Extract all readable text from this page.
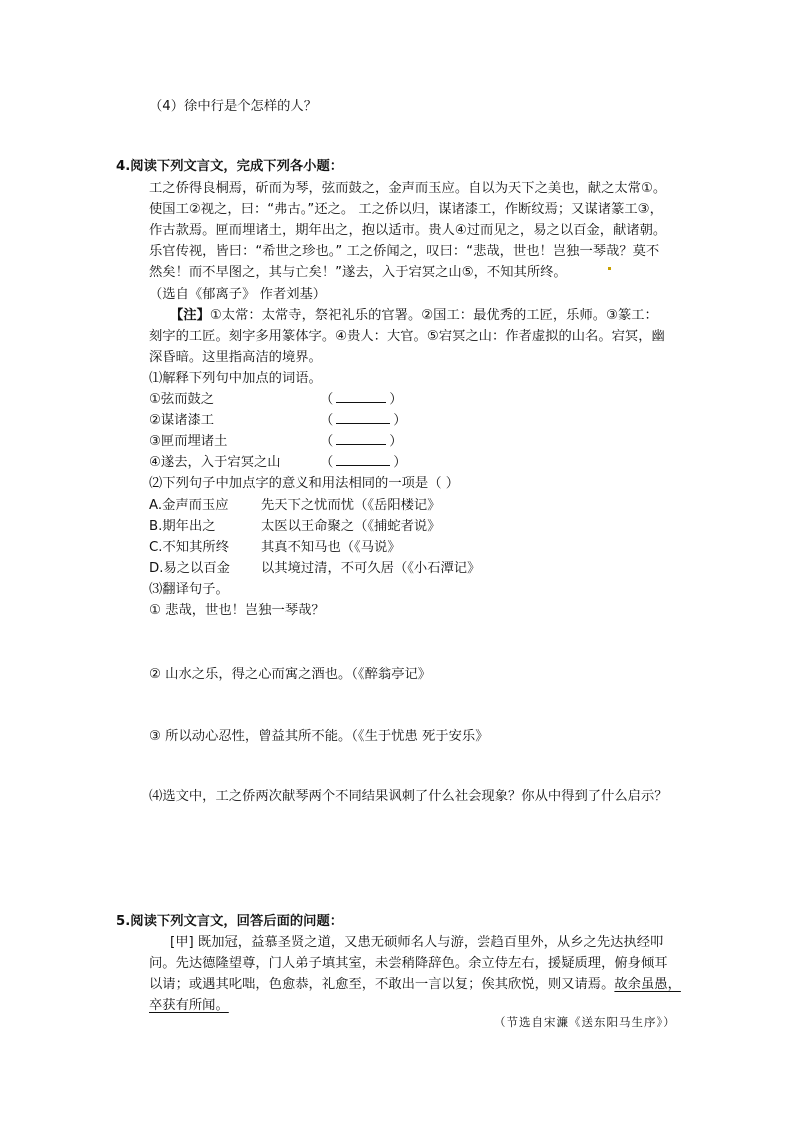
（4）徐中行是个怎样的人？
4.阅读下列文言文，完成下列各小题：
工之侨得良桐焉，斫而为琴，弦而鼓之，金声而玉应。自以为天下之美也，献之太常①。
使国工②视之，曰：“弗古。”还之。 工之侨以归，谋诸漆工，作断纹焉；又谋诸篆工③，
作古款焉。匣而埋诸土，期年出之，抱以适市。贵人④过而见之，易之以百金，献诸朝。
乐官传视，皆曰：“希世之珍也。” 工之侨闻之，叹曰：“悲哉，世也！岂独一琴哉？莫不
然矣！而不早图之，其与亡矣！”遂去，入于宕冥之山⑤，不知其所终。
（选自《郁离子》 作者刘基）
【注】①太常：太常寺，祭祀礼乐的官署。②国工：最优秀的工匠，乐师。③篆工：
刻字的工匠。刻字多用篆体字。④贵人：大官。⑤宕冥之山：作者虚拟的山名。宕冥，幽
深昏暗。这里指高洁的境界。
⑴解释下列句中加点的词语。
①弦而鼓之	（	）
②谋诸漆工	（	）
③匣而埋诸土	（	）
④遂去，入于宕冥之山	（	）
⑵下列句子中加点字的意义和用法相同的一项是（ ）
A.金声而玉应 先天下之忧而忧（《岳阳楼记》
B.期年出之	太医以王命聚之（《捕蛇者说》
C.不知其所终 其真不知马也（《马说》
D.易之以百金 以其境过清，不可久居（《小石潭记》
⑶翻译句子。
① 悲哉，世也！岂独一琴哉？
② 山水之乐，得之心而寓之酒也。（《醉翁亭记》
③ 所以动心忍性，曾益其所不能。（《生于忧患 死于安乐》
⑷选文中，工之侨两次献琴两个不同结果讽刺了什么社会现象？你从中得到了什么启示？
5.阅读下列文言文，回答后面的问题：
[甲] 既加冠，益慕圣贤之道，又患无硕师名人与游，尝趋百里外，从乡之先达执经叩
问。先达德隆望尊，门人弟子填其室，未尝稍降辞色。余立侍左右，援疑质理，俯身倾耳
以请；或遇其叱咄，色愈恭，礼愈至，不敢出一言以复；俟其欣悦，则又请焉。故余虽愚，
卒获有所闻。
（节选自宋濂《送东阳马生序》）
